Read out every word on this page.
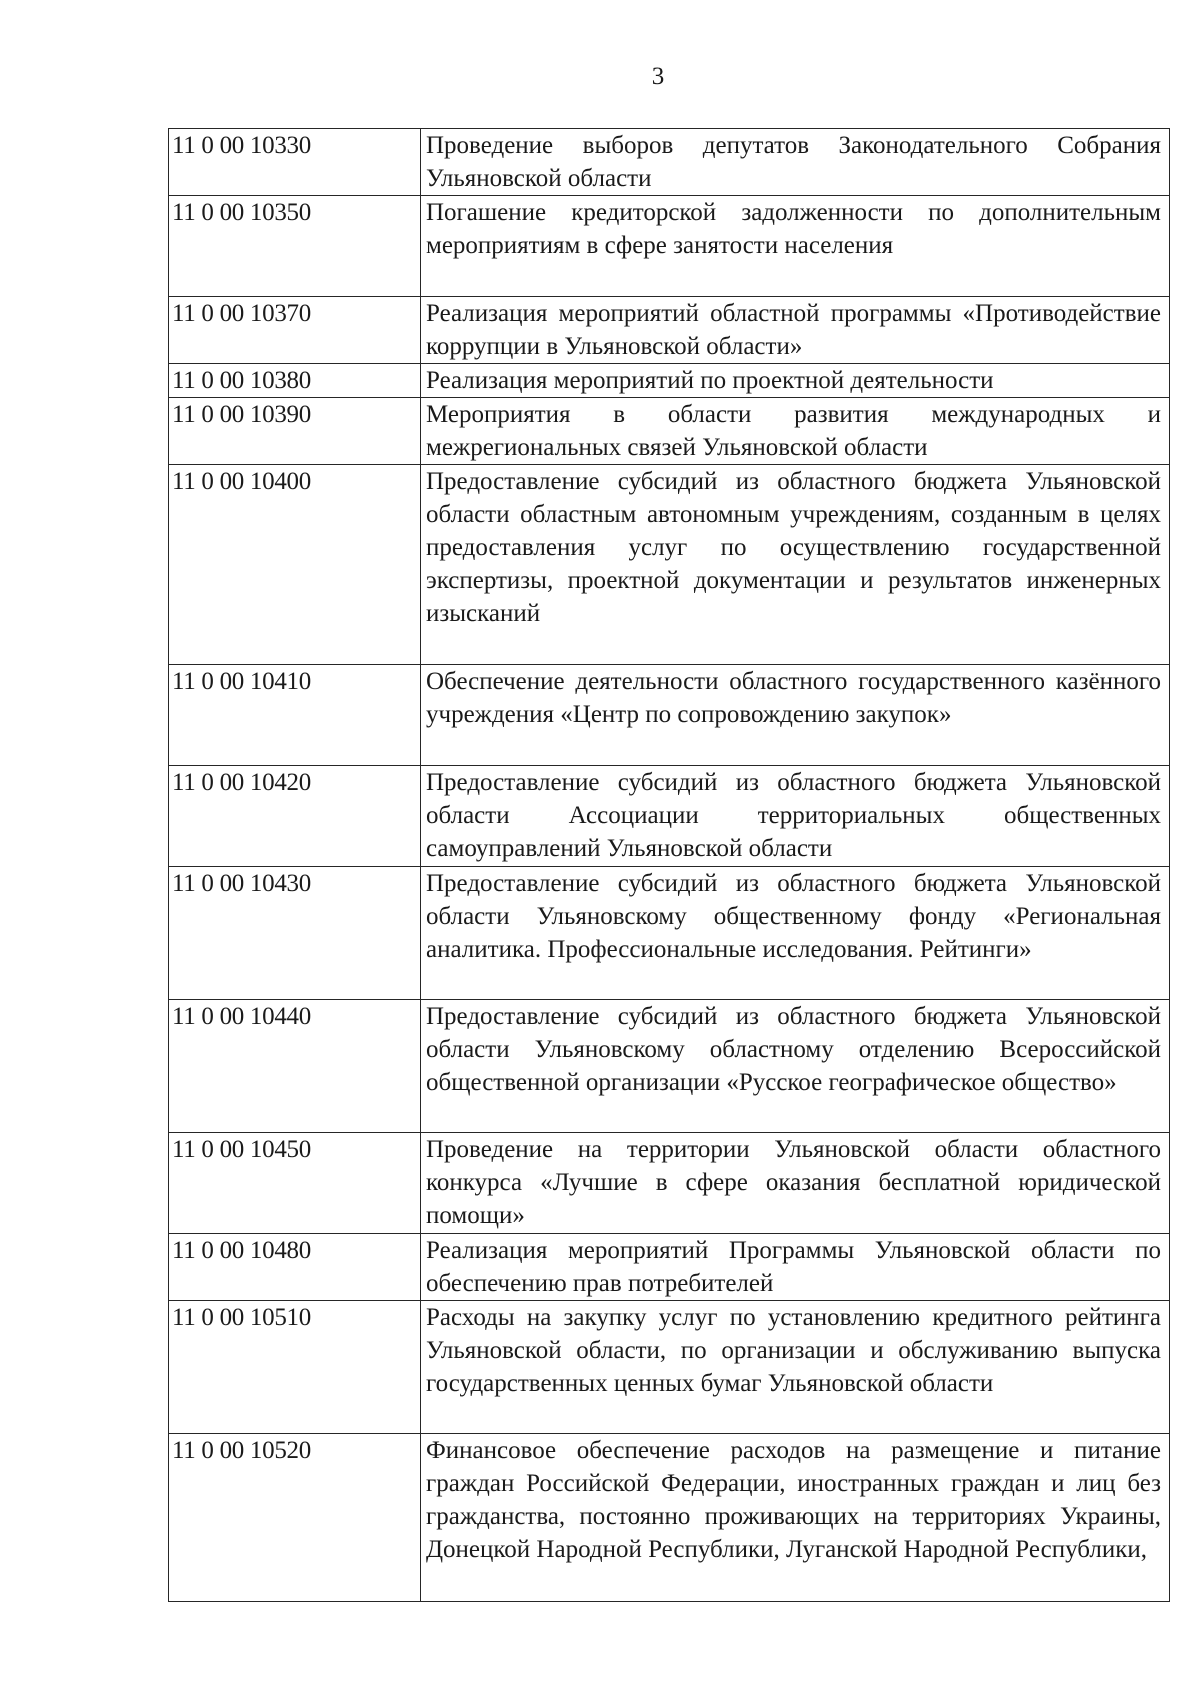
3
11 0 00 10330	Проведение выборов депутатов Законодательного Собрания Ульяновской области
11 0 00 10350	Погашение кредиторской задолженности по дополнительным мероприятиям в сфере занятости населения
11 0 00 10370	Реализация мероприятий областной программы «Противодействие коррупции в Ульяновской области»
11 0 00 10380	Реализация мероприятий по проектной деятельности
11 0 00 10390	Мероприятия в области развития международных и межрегиональных связей Ульяновской области
11 0 00 10400	Предоставление субсидий из областного бюджета Ульяновской области областным автономным учреждениям, созданным в целях предоставления услуг по осуществлению государственной экспертизы, проектной документации и результатов инженерных изысканий
11 0 00 10410	Обеспечение деятельности областного государственного казённого учреждения «Центр по сопровождению закупок»
11 0 00 10420	Предоставление субсидий из областного бюджета Ульяновской области Ассоциации территориальных общественных самоуправлений Ульяновской области
11 0 00 10430	Предоставление субсидий из областного бюджета Ульяновской области Ульяновскому общественному фонду «Региональная аналитика. Профессиональные исследования. Рейтинги»
11 0 00 10440	Предоставление субсидий из областного бюджета Ульяновской области Ульяновскому областному отделению Всероссийской общественной организации «Русское географическое общество»
11 0 00 10450	Проведение на территории Ульяновской области областного конкурса «Лучшие в сфере оказания бесплатной юридической помощи»
11 0 00 10480	Реализация мероприятий Программы Ульяновской области по обеспечению прав потребителей
11 0 00 10510	Расходы на закупку услуг по установлению кредитного рейтинга Ульяновской области, по организации и обслуживанию выпуска государственных ценных бумаг Ульяновской области
11 0 00 10520	Финансовое обеспечение расходов на размещение и питание граждан Российской Федерации, иностранных граждан и лиц без гражданства, постоянно проживающих на территориях Украины, Донецкой Народной Республики, Луганской Народной Республики,
